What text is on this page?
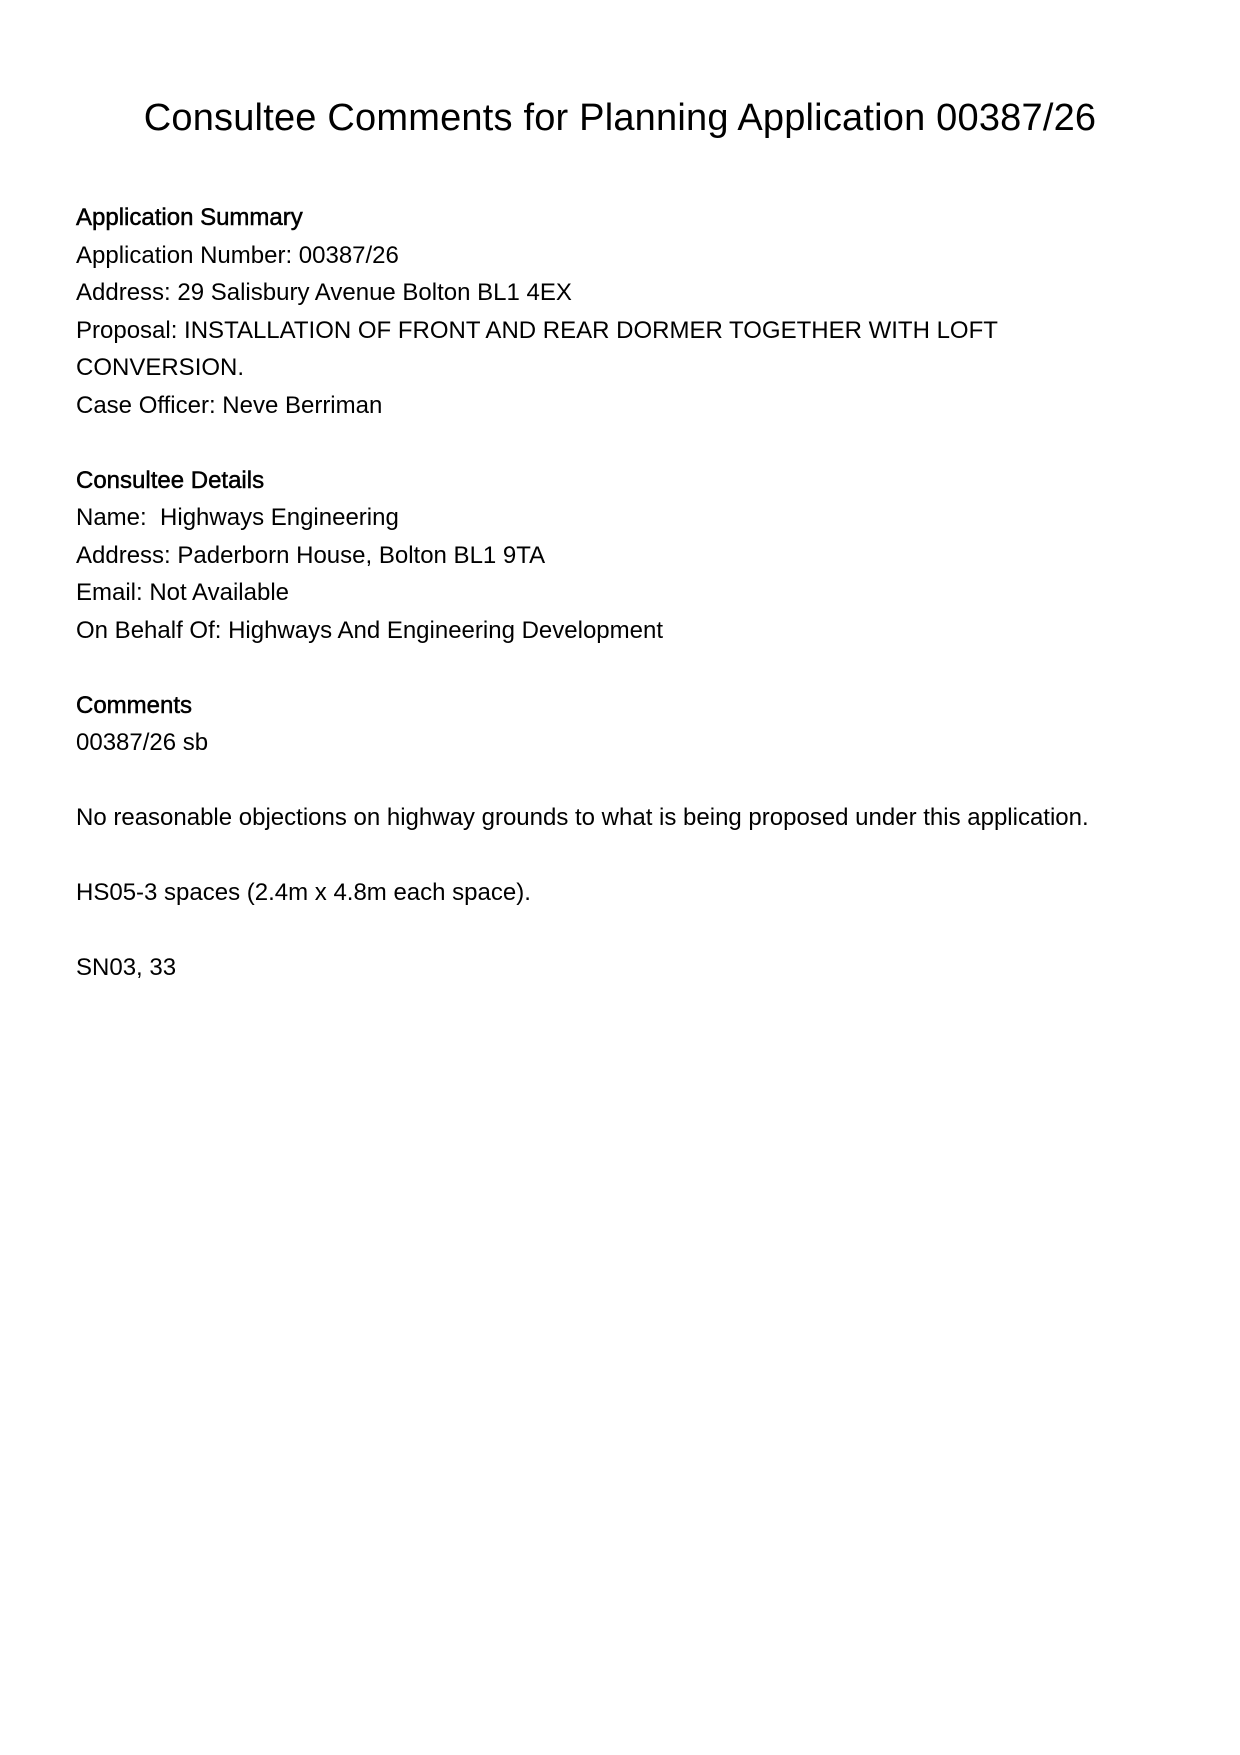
Consultee Comments for Planning Application 00387/26
Application Summary

Application Number: 00387/26

Address: 29 Salisbury Avenue Bolton BL1 4EX

Proposal: INSTALLATION OF FRONT AND REAR DORMER TOGETHER WITH LOFT CONVERSION.

Case Officer: Neve Berriman

Consultee Details

Name:  Highways Engineering

Address: Paderborn House, Bolton BL1 9TA

Email: Not Available

On Behalf Of: Highways And Engineering Development

Comments

00387/26 sb

No reasonable objections on highway grounds to what is being proposed under this application.

HS05-3 spaces (2.4m x 4.8m each space).

SN03, 33
